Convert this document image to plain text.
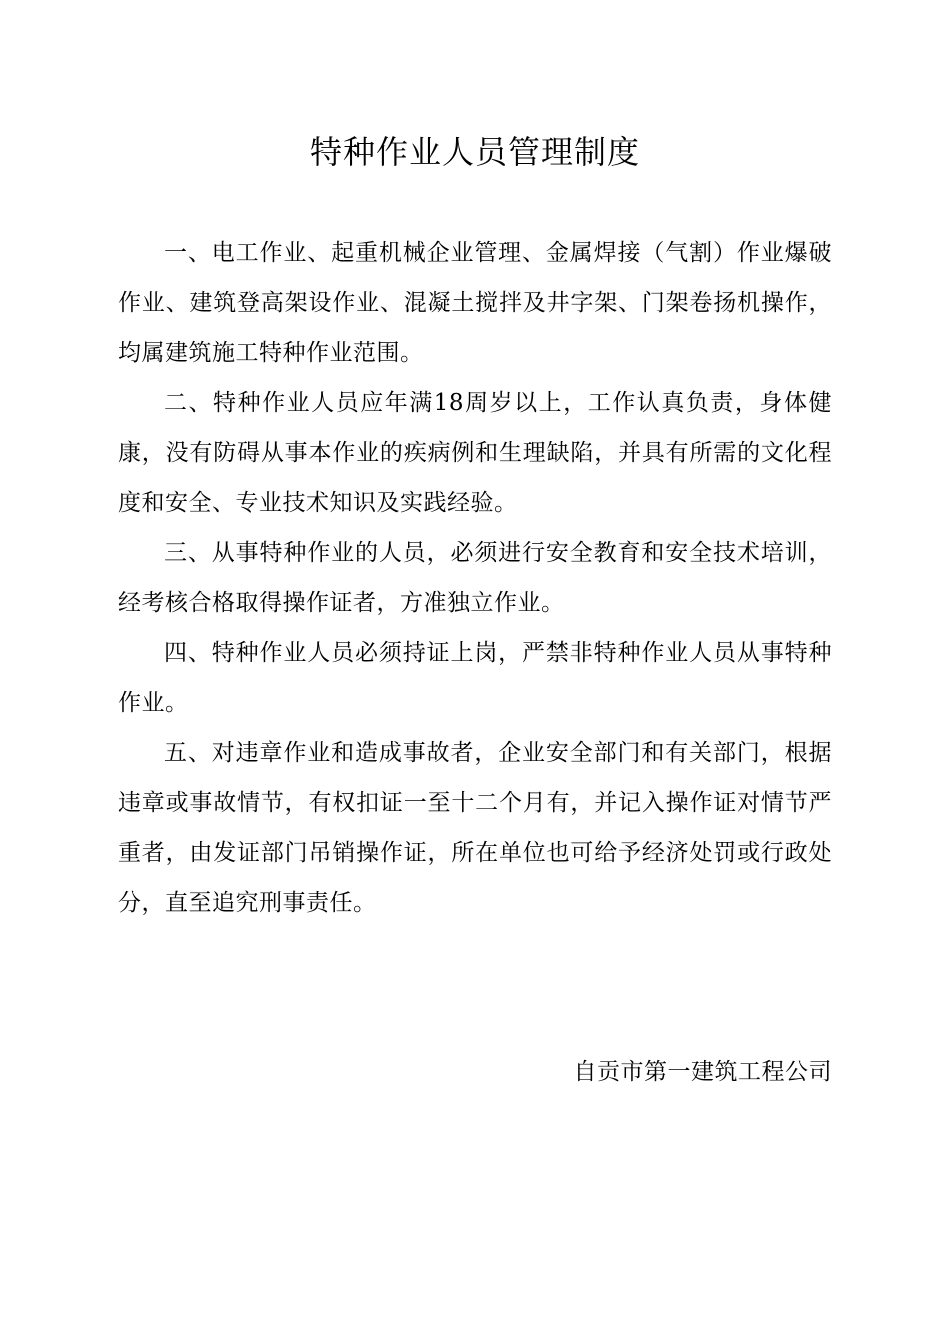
特种作业人员管理制度

一、电工作业、起重机械企业管理、金属焊接（气割）作业爆破作业、建筑登高架设作业、混凝土搅拌及井字架、门架卷扬机操作，均属建筑施工特种作业范围。

二、特种作业人员应年满18周岁以上，工作认真负责，身体健康，没有防碍从事本作业的疾病例和生理缺陷，并具有所需的文化程度和安全、专业技术知识及实践经验。

三、从事特种作业的人员，必须进行安全教育和安全技术培训，经考核合格取得操作证者，方准独立作业。

四、特种作业人员必须持证上岗，严禁非特种作业人员从事特种作业。

五、对违章作业和造成事故者，企业安全部门和有关部门，根据违章或事故情节，有权扣证一至十二个月有，并记入操作证对情节严重者，由发证部门吊销操作证，所在单位也可给予经济处罚或行政处分，直至追究刑事责任。

自贡市第一建筑工程公司
